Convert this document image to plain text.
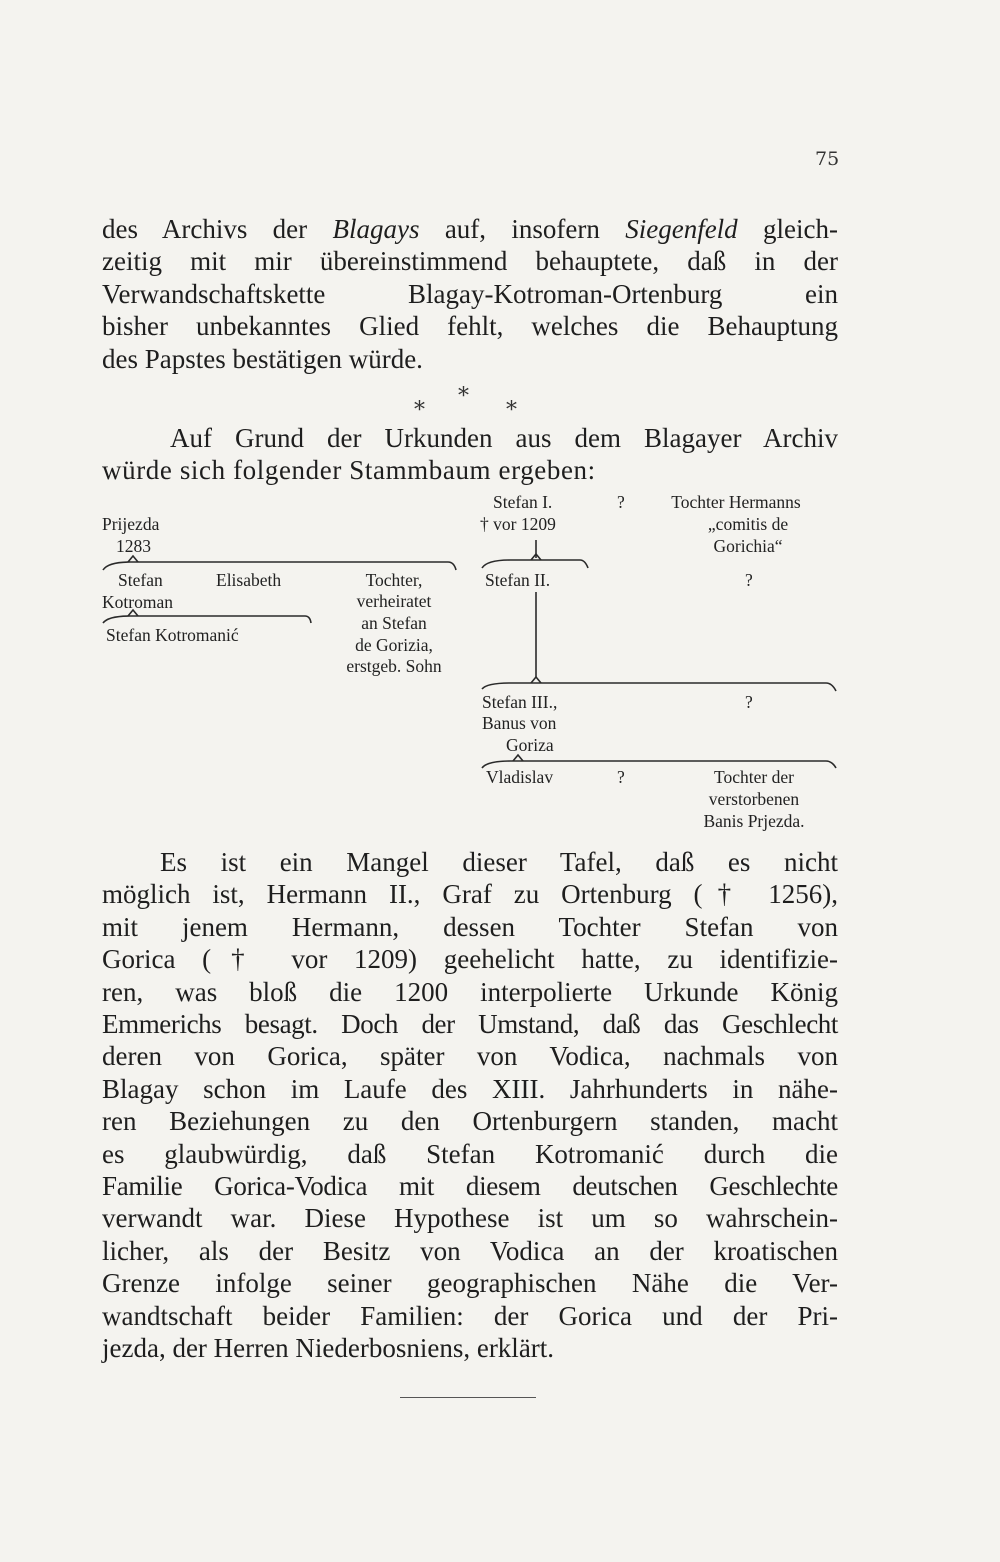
75
des Archivs der Blagays auf, insofern Siegenfeld gleich-
zeitig mit mir übereinstimmend behauptete, daß in der
Verwandschaftskette Blagay-Kotroman-Ortenburg ein
bisher unbekanntes Glied fehlt, welches die Behauptung
des Papstes bestätigen würde.
*
*	*
Auf Grund der Urkunden aus dem Blagayer Archiv
würde sich folgender Stammbaum ergeben:
Prijezda
1283
Stefan
Kotroman
Elisabeth	Tochter,
verheiratet
an Stefan
de Gorizia,
erstgeb. Sohn
Stefan Kotromanić
Stefan I.
† vor 1209
?	Tochter Hermanns
„comitis de
Gorichia“
Stefan II.	?
Stefan III.,
Banus von
Goriza
?
Vladislav	?	Tochter der
verstorbenen
Banis Prjezda.
Es ist ein Mangel dieser Tafel, daß es nicht
möglich ist, Hermann II., Graf zu Ortenburg († 1256),
mit jenem Hermann, dessen Tochter Stefan von
Gorica († vor 1209) geehelicht hatte, zu identifizie-
ren, was bloß die 1200 interpolierte Urkunde König
Emmerichs besagt. Doch der Umstand, daß das Geschlecht
deren von Gorica, später von Vodica, nachmals von
Blagay schon im Laufe des XIII. Jahrhunderts in nähe-
ren Beziehungen zu den Ortenburgern standen, macht
es glaubwürdig, daß Stefan Kotromanić durch die
Familie Gorica-Vodica mit diesem deutschen Geschlechte
verwandt war. Diese Hypothese ist um so wahrschein-
licher, als der Besitz von Vodica an der kroatischen
Grenze infolge seiner geographischen Nähe die Ver-
wandtschaft beider Familien: der Gorica und der Pri-
jezda, der Herren Niederbosniens, erklärt.
